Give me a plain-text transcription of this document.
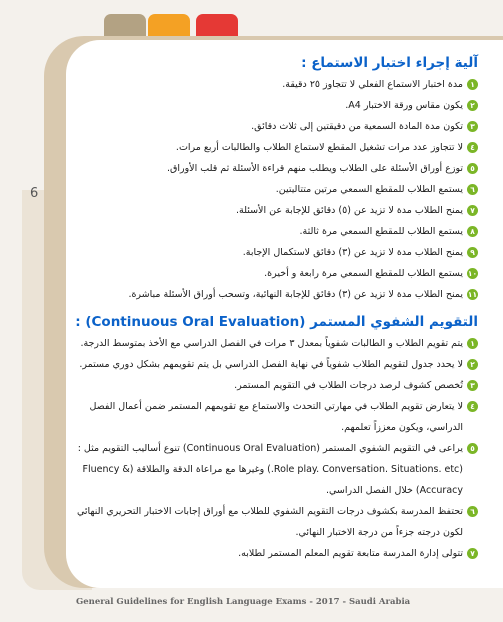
6
آلية إجراء اختبار الاستماع :
١
مدة اختبار الاستماع الفعلي لا تتجاوز ٢٥ دقيقة.
٢
يكون مقاس ورقة الاختبار A4.
٣
تكون مدة المادة السمعية من دقيقتين إلى ثلاث دقائق.
٤
لا تتجاوز عدد مرات تشغيل المقطع لاستماع الطلاب والطالبات أربع مرات.
٥
توزع أوراق الأسئلة على الطلاب ويطلب منهم قراءة الأسئلة ثم قلب الأوراق.
٦
يستمع الطلاب للمقطع السمعي مرتين متتاليتين.
٧
يمنح الطلاب مدة لا تزيد عن (٥) دقائق للإجابة عن الأسئلة.
٨
يستمع الطلاب للمقطع السمعي مرة ثالثة.
٩
يمنح الطلاب مدة لا تزيد عن (٣) دقائق لاستكمال الإجابة.
١٠
يستمع الطلاب للمقطع السمعي مرة رابعة و أخيرة.
١١
يمنح الطلاب مدة لا تزيد عن (٣) دقائق للإجابة النهائية، وتسحب أوراق الأسئلة مباشرة.
التقويم الشفوي المستمر (Continuous Oral Evaluation) :
١
يتم تقويم الطلاب و الطالبات شفوياً بمعدل ٣ مرات في الفصل الدراسي مع الأخذ بمتوسط الدرجة.
٢
لا يحدد جدول لتقويم الطلاب شفوياً في نهاية الفصل الدراسي بل يتم تقويمهم بشكل دوري مستمر.
٣
تُخصص كشوف لرصد درجات الطلاب في التقويم المستمر.
٤
لا يتعارض تقويم الطلاب في مهارتي التحدث والاستماع مع تقويمهم المستمر ضمن أعمال الفصل الدراسي، ويكون معززاً تعلمهم.
٥
يراعى في التقويم الشفوي المستمر (Continuous Oral Evaluation) تنوع أساليب التقويم مثل : (Role play. Conversation. Situations. etc.) وغيرها مع مراعاة الدقة والطلاقة (Fluency & Accuracy) خلال الفصل الدراسي.
٦
تحتفظ المدرسة بكشوف درجات التقويم الشفوي للطلاب مع أوراق إجابات الاختبار التحريري النهائي لكون درجته جزءاً من درجة الاختبار النهائي.
٧
تتولى إدارة المدرسة متابعة تقويم المعلم المستمر لطلابه.
General Guidelines for English Language Exams - 2017 - Saudi Arabia
